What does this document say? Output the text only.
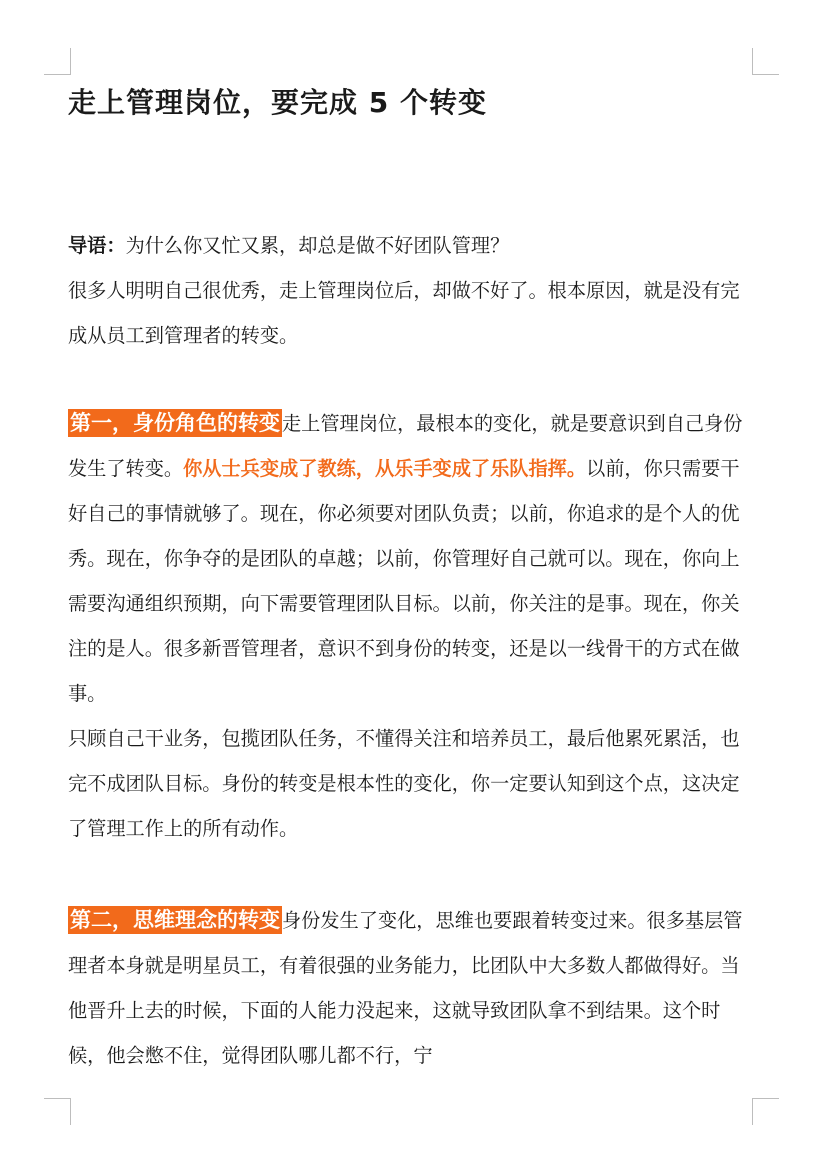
走上管理岗位，要完成 5 个转变

导语：为什么你又忙又累，却总是做不好团队管理？

很多人明明自己很优秀，走上管理岗位后，却做不好了。根本原因，就是没有完成从员工到管理者的转变。

第一，身份角色的转变 走上管理岗位，最根本的变化，就是要意识到自己身份发生了转变。你从士兵变成了教练，从乐手变成了乐队指挥。以前，你只需要干好自己的事情就够了。现在，你必须要对团队负责；以前，你追求的是个人的优秀。现在，你争夺的是团队的卓越；以前，你管理好自己就可以。现在，你向上需要沟通组织预期，向下需要管理团队目标。以前，你关注的是事。现在，你关注的是人。很多新晋管理者，意识不到身份的转变，还是以一线骨干的方式在做事。

只顾自己干业务，包揽团队任务，不懂得关注和培养员工，最后他累死累活，也完不成团队目标。身份的转变是根本性的变化，你一定要认知到这个点，这决定了管理工作上的所有动作。

第二，思维理念的转变 身份发生了变化，思维也要跟着转变过来。很多基层管理者本身就是明星员工，有着很强的业务能力，比团队中大多数人都做得好。当他晋升上去的时候，下面的人能力没起来，这就导致团队拿不到结果。这个时候，他会憋不住，觉得团队哪儿都不行，宁
